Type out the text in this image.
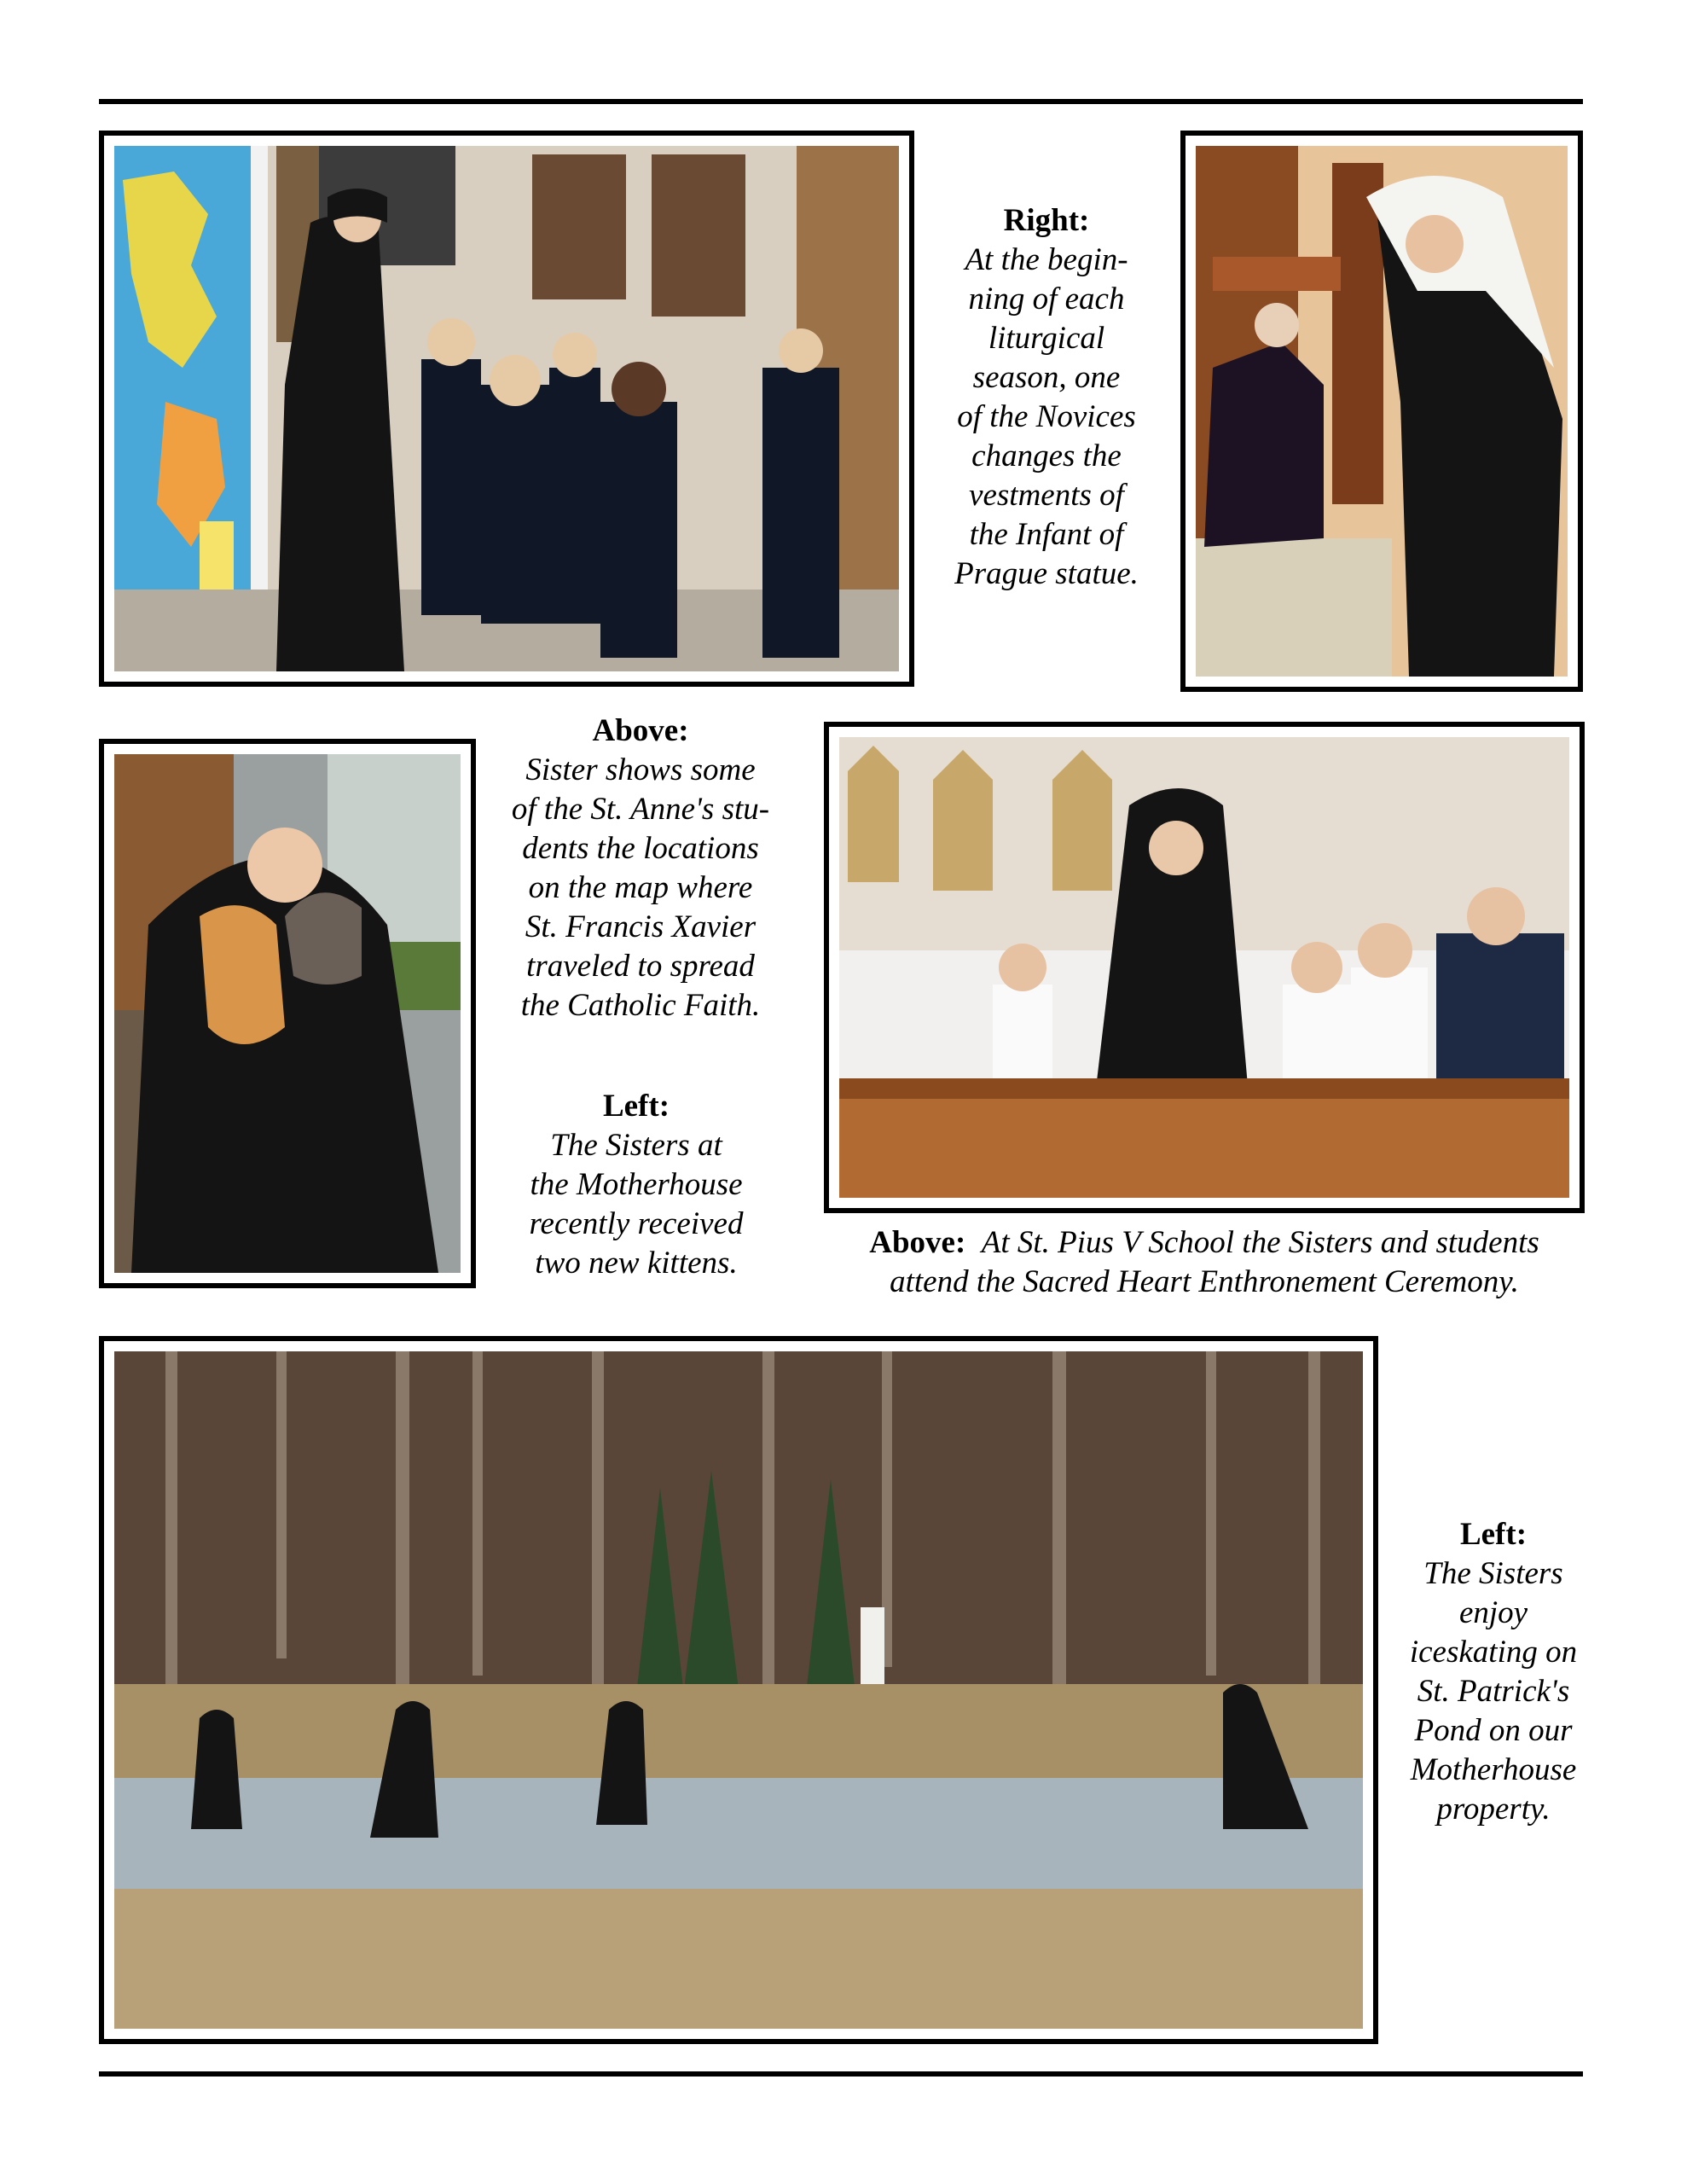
Right:
At the begin-
ning of each
liturgical
season, one
of the Novices
changes the
vestments of
the Infant of
Prague statue.
Above:
Sister shows some
of the St. Anne's stu-
dents the locations
on the map where
St. Francis Xavier
traveled to spread
the Catholic Faith.
Left:
The Sisters at
the Motherhouse
recently received
two new kittens.
Above: At St. Pius V School the Sisters and students
attend the Sacred Heart Enthronement Ceremony.
Left:
The Sisters
enjoy
iceskating on
St. Patrick's
Pond on our
Motherhouse
property.
